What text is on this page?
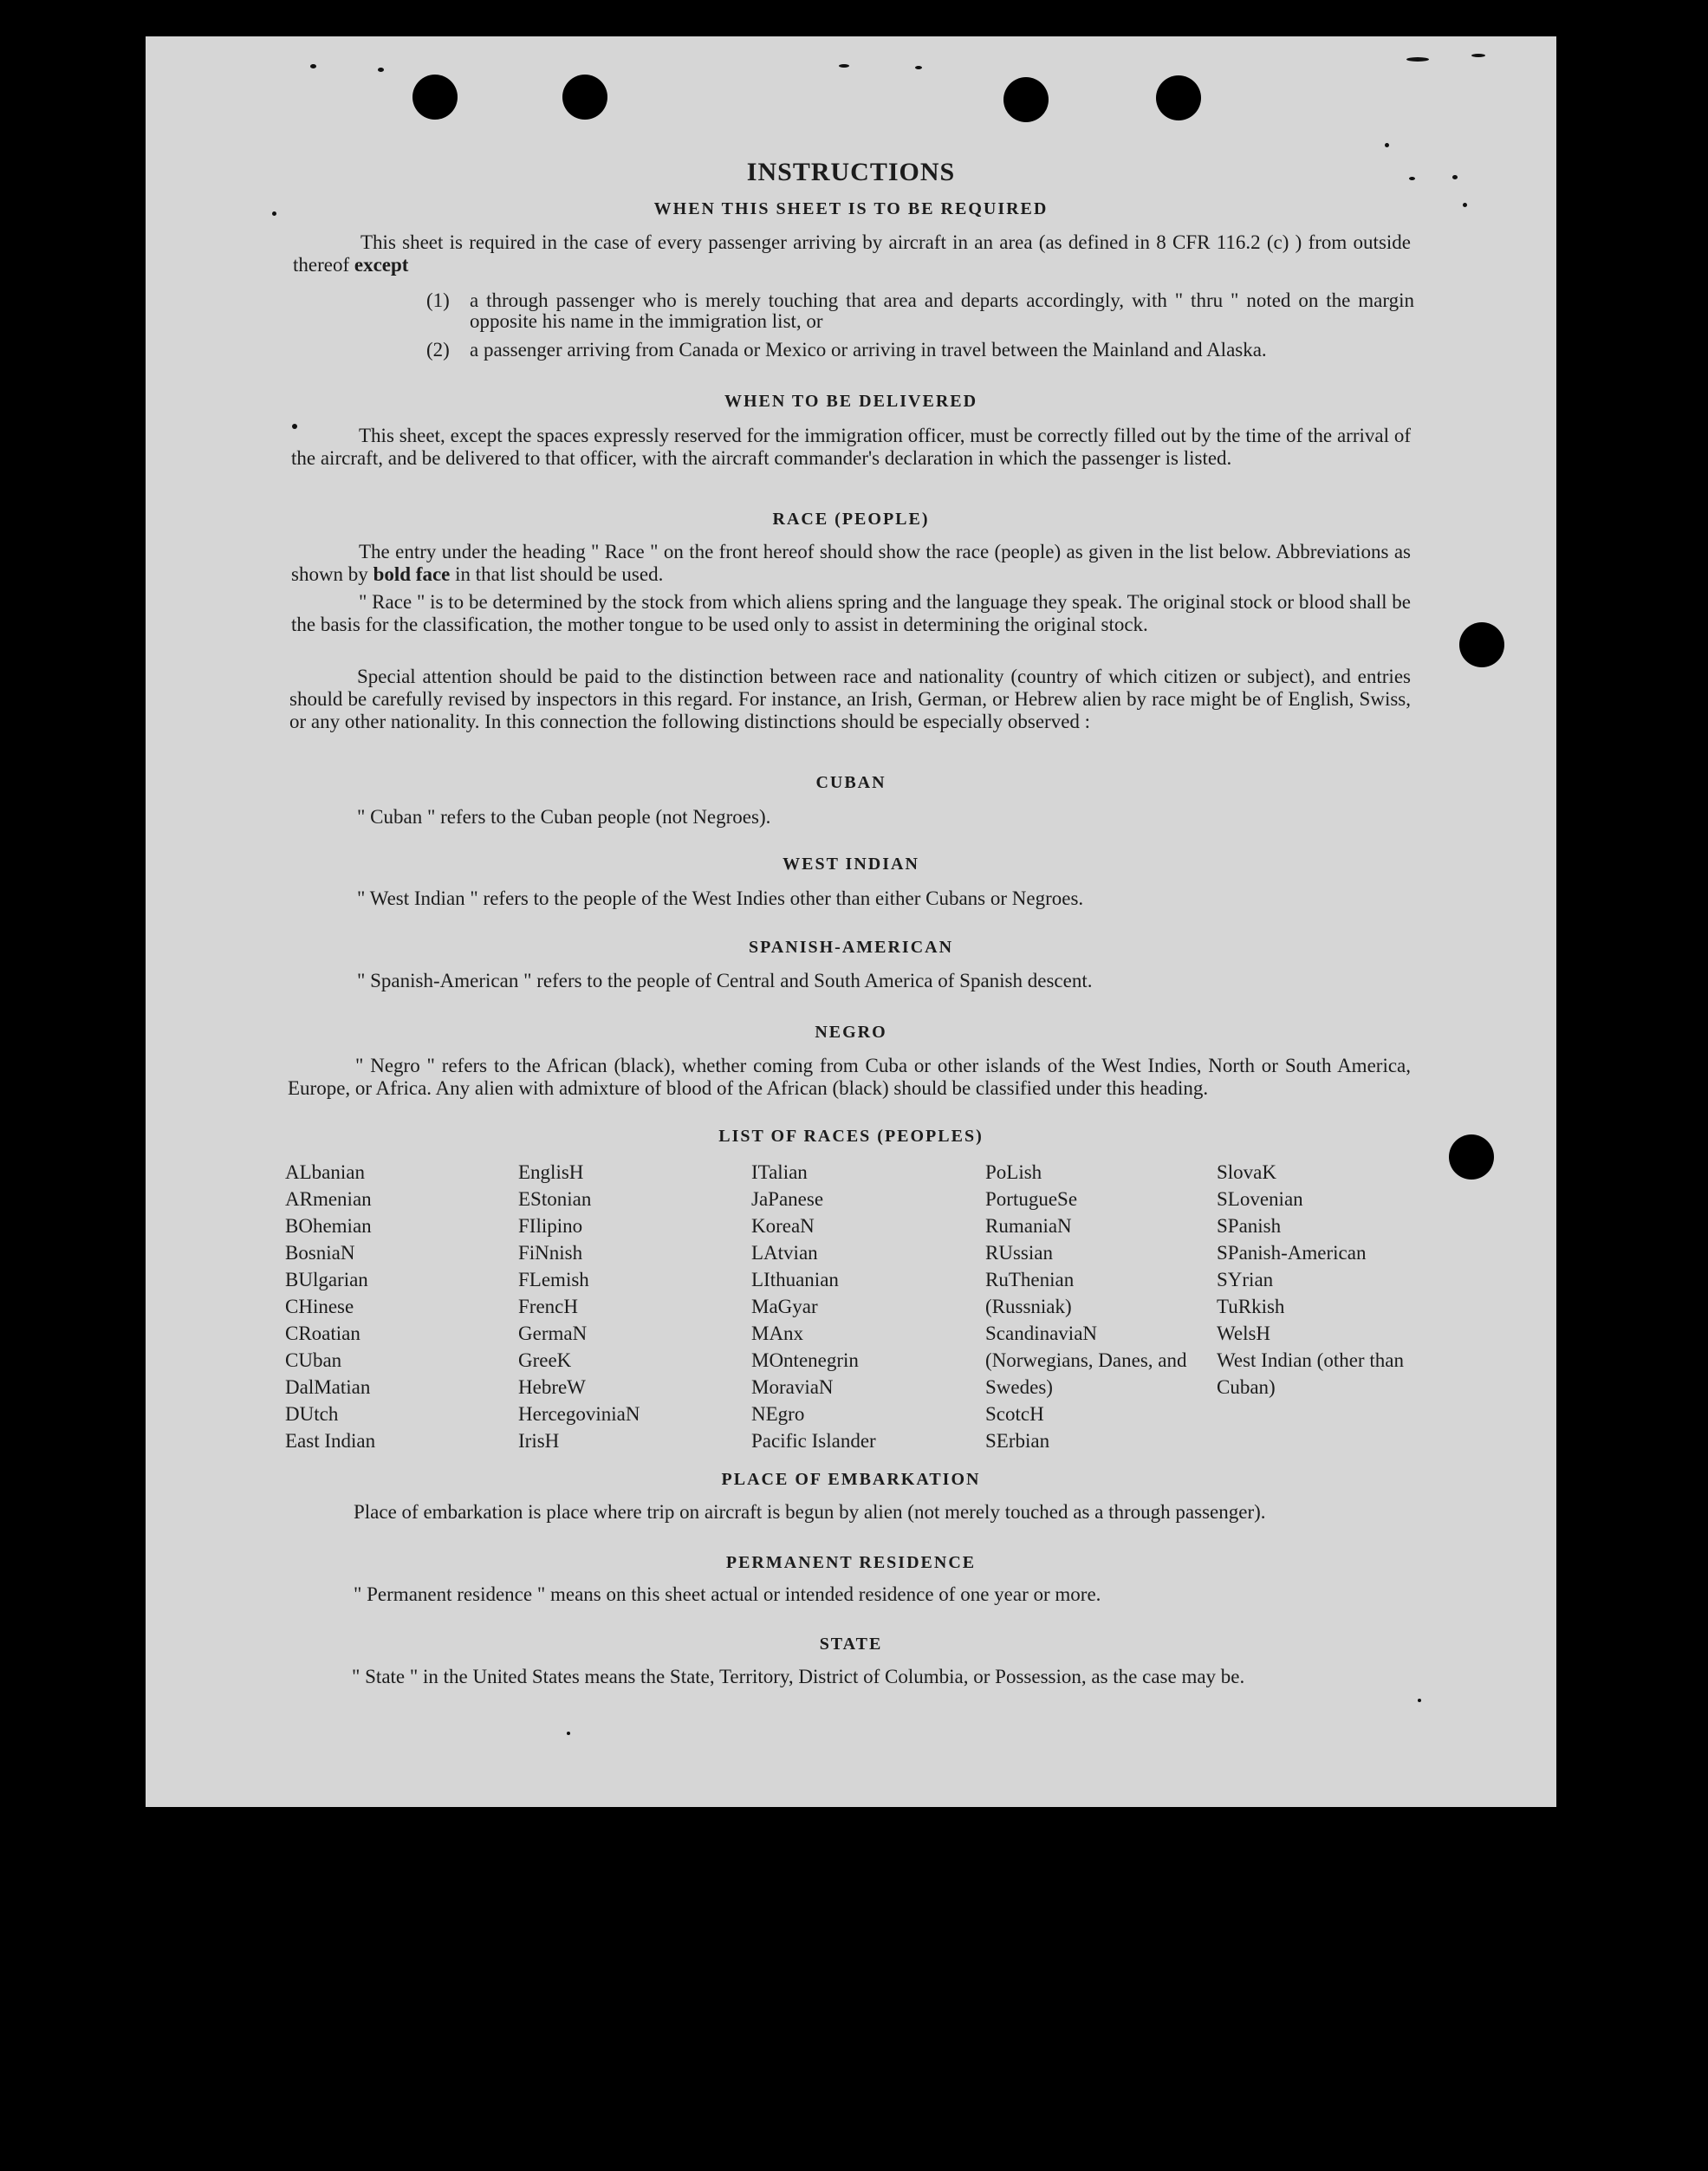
INSTRUCTIONS
WHEN THIS SHEET IS TO BE REQUIRED
This sheet is required in the case of every passenger arriving by aircraft in an area (as defined in 8 CFR 116.2 (c) ) from outside thereof except
(1) a through passenger who is merely touching that area and departs accordingly, with " thru " noted on the margin opposite his name in the immigration list, or
(2) a passenger arriving from Canada or Mexico or arriving in travel between the Mainland and Alaska.
WHEN TO BE DELIVERED
This sheet, except the spaces expressly reserved for the immigration officer, must be correctly filled out by the time of the arrival of the aircraft, and be delivered to that officer, with the aircraft commander's declaration in which the passenger is listed.
RACE (PEOPLE)
The entry under the heading " Race " on the front hereof should show the race (people) as given in the list below. Abbreviations as shown by bold face in that list should be used.
" Race " is to be determined by the stock from which aliens spring and the language they speak. The original stock or blood shall be the basis for the classification, the mother tongue to be used only to assist in determining the original stock.
Special attention should be paid to the distinction between race and nationality (country of which citizen or subject), and entries should be carefully revised by inspectors in this regard. For instance, an Irish, German, or Hebrew alien by race might be of English, Swiss, or any other nationality. In this connection the following distinctions should be especially observed :
CUBAN
" Cuban " refers to the Cuban people (not Negroes).
WEST INDIAN
" West Indian " refers to the people of the West Indies other than either Cubans or Negroes.
SPANISH-AMERICAN
" Spanish-American " refers to the people of Central and South America of Spanish descent.
NEGRO
" Negro " refers to the African (black), whether coming from Cuba or other islands of the West Indies, North or South America, Europe, or Africa. Any alien with admixture of blood of the African (black) should be classified under this heading.
LIST OF RACES (PEOPLES)
ALbanian
ARmenian
BOhemian
BosniaN
BUlgarian
CHinese
CRoatian
CUban
DalMatian
DUtch
East Indian
EnglisH
EStonian
FIlipino
FiNnish
FLemish
FrencH
GermaN
GreeK
HebreW
HercegoviniaN
IrisH
ITalian
JaPanese
KoreaN
LAtvian
LIthuanian
MaGyar
MAnx
MOntenegrin
MoraviaN
NEgro
Pacific Islander
PoLish
PortugueSe
RumaniaN
RUssian
RuThenian (Russniak)
ScandinaviaN (Norwegians, Danes, and Swedes)
ScotcH
SErbian
SlovaK
SLovenian
SPanish
SPanish-American
SYrian
TuRkish
WelsH
West Indian (other than Cuban)
PLACE OF EMBARKATION
Place of embarkation is place where trip on aircraft is begun by alien (not merely touched as a through passenger).
PERMANENT RESIDENCE
" Permanent residence " means on this sheet actual or intended residence of one year or more.
STATE
" State " in the United States means the State, Territory, District of Columbia, or Possession, as the case may be.
